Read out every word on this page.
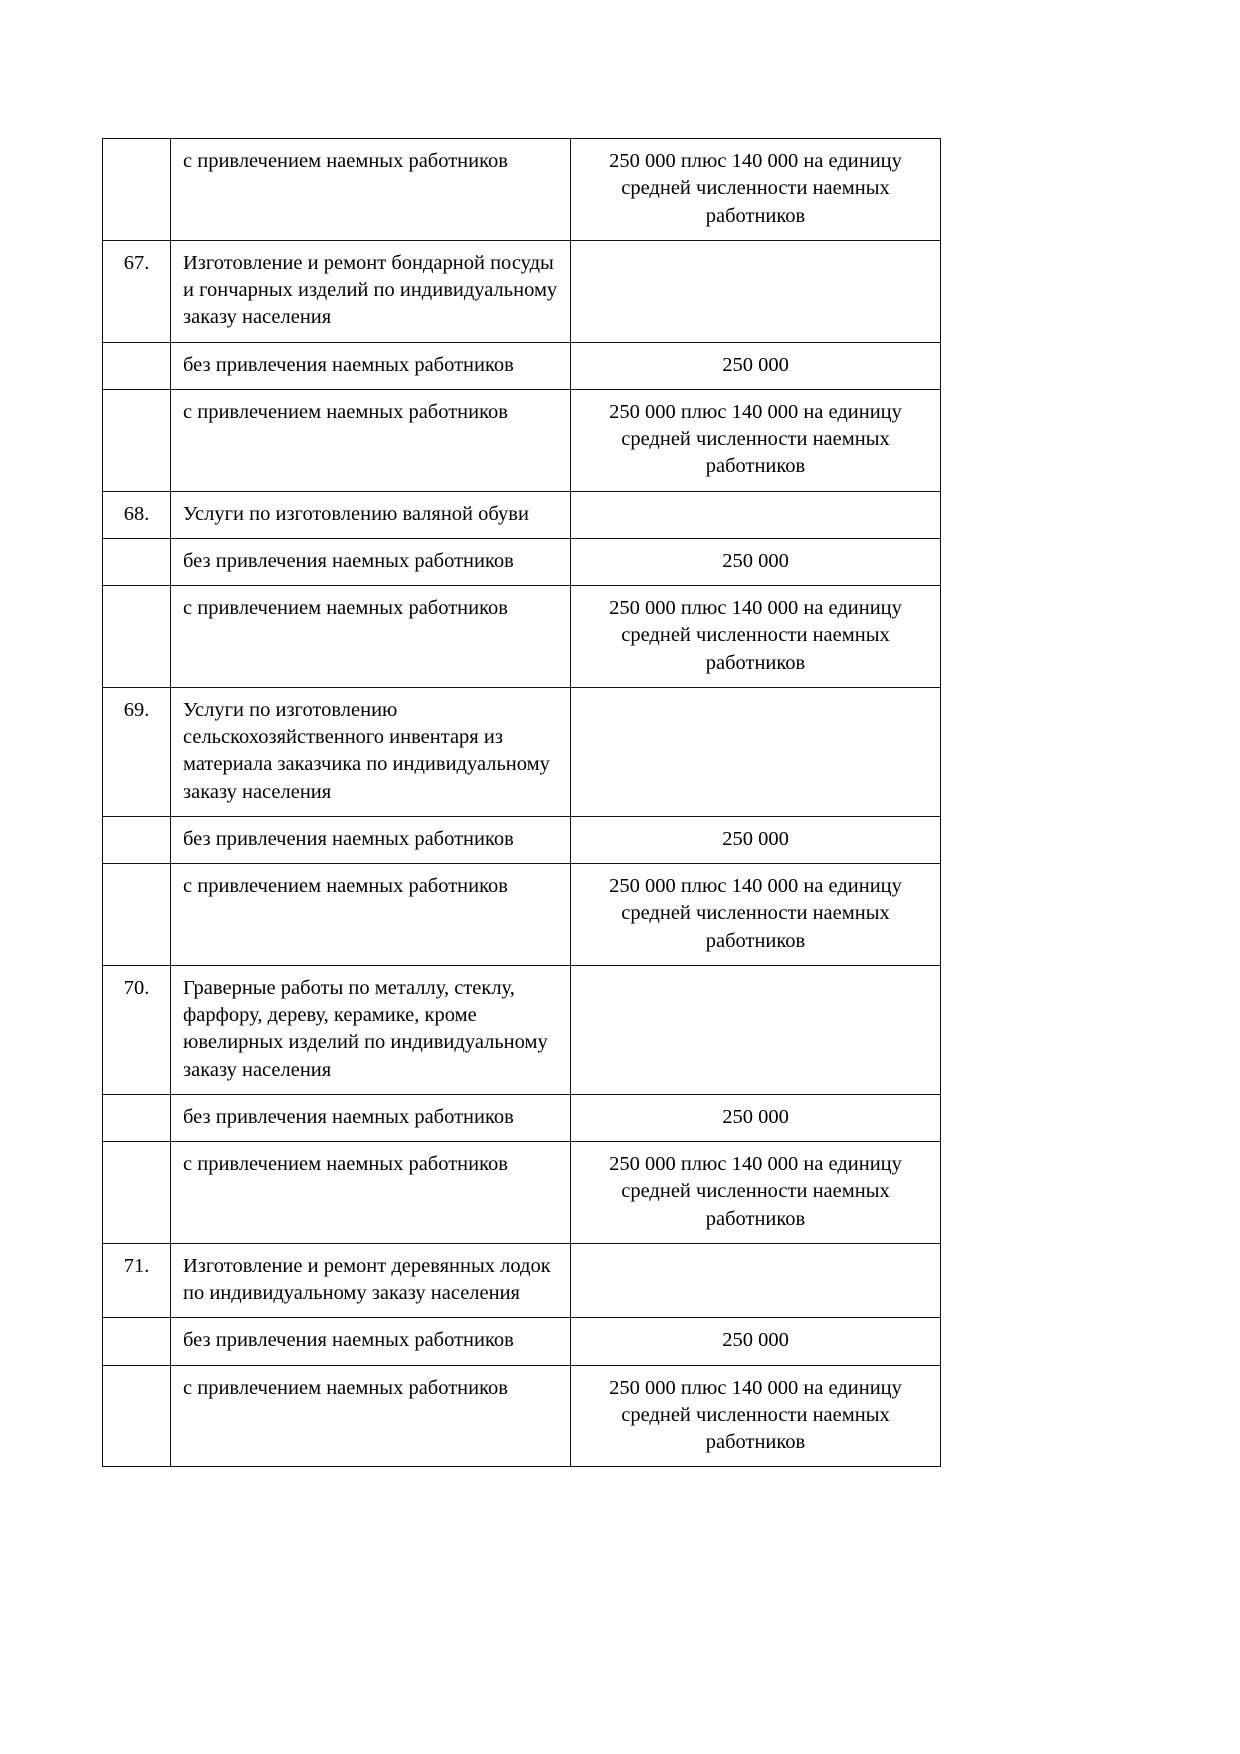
	с привлечением наемных работников	250 000 плюс 140 000 на единицу средней численности наемных работников

67.	Изготовление и ремонт бондарной посуды и гончарных изделий по индивидуальному заказу населения	

	без привлечения наемных работников	250 000

	с привлечением наемных работников	250 000 плюс 140 000 на единицу средней численности наемных работников

68.	Услуги по изготовлению валяной обуви	

	без привлечения наемных работников	250 000

	с привлечением наемных работников	250 000 плюс 140 000 на единицу средней численности наемных работников

69.	Услуги по изготовлению сельскохозяйственного инвентаря из материала заказчика по индивидуальному заказу населения	

	без привлечения наемных работников	250 000

	с привлечением наемных работников	250 000 плюс 140 000 на единицу средней численности наемных работников

70.	Граверные работы по металлу, стеклу, фарфору, дереву, керамике, кроме ювелирных изделий по индивидуальному заказу населения	

	без привлечения наемных работников	250 000

	с привлечением наемных работников	250 000 плюс 140 000 на единицу средней численности наемных работников

71.	Изготовление и ремонт деревянных лодок по индивидуальному заказу населения	

	без привлечения наемных работников	250 000

	с привлечением наемных работников	250 000 плюс 140 000 на единицу средней численности наемных работников
